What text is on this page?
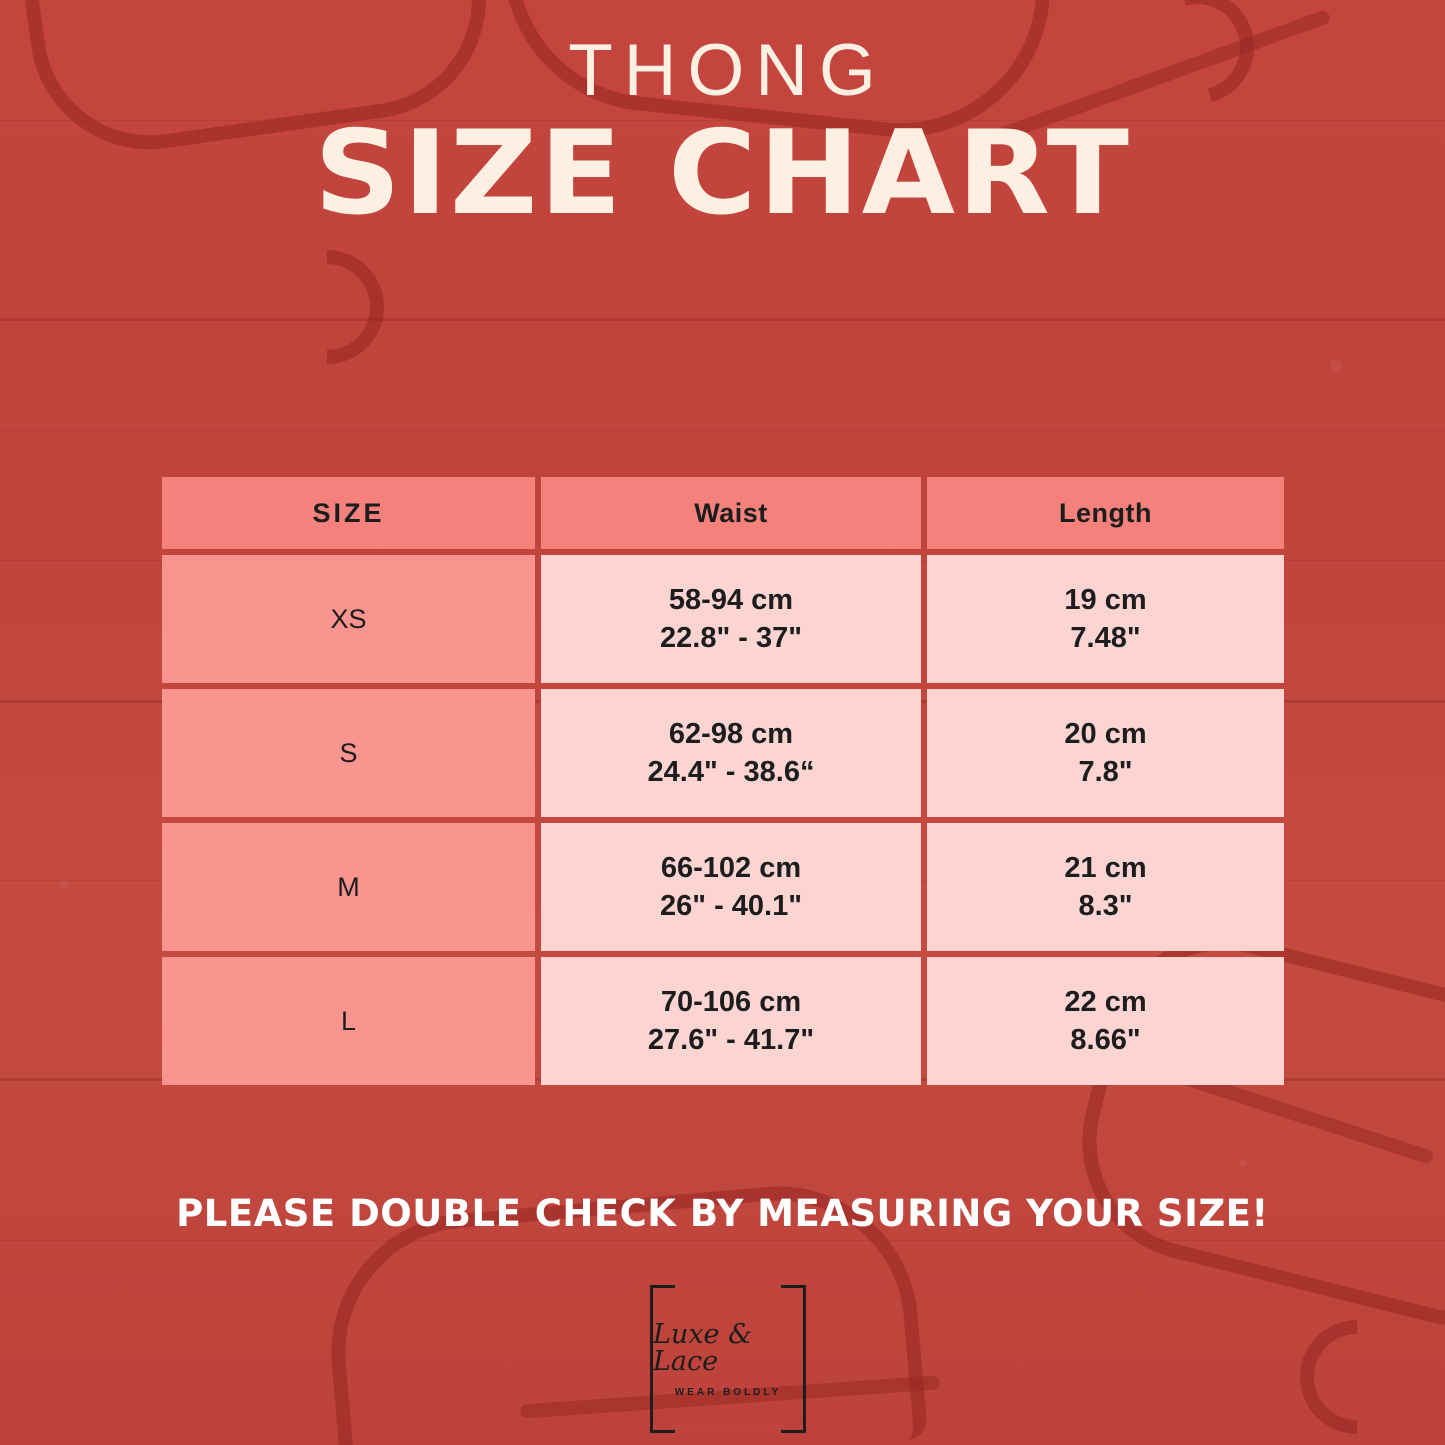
THONG
SIZE CHART
SIZE	Waist	Length
XS
58-94 cm
22.8" - 37"
19 cm
7.48"
S
62-98 cm
24.4" - 38.6“
20 cm
7.8"
M
66-102 cm
26" - 40.1"
21 cm
8.3"
L
70-106 cm
27.6" - 41.7"
22 cm
8.66"
PLEASE DOUBLE CHECK BY MEASURING YOUR SIZE!
Luxe & Lace
WEAR BOLDLY
